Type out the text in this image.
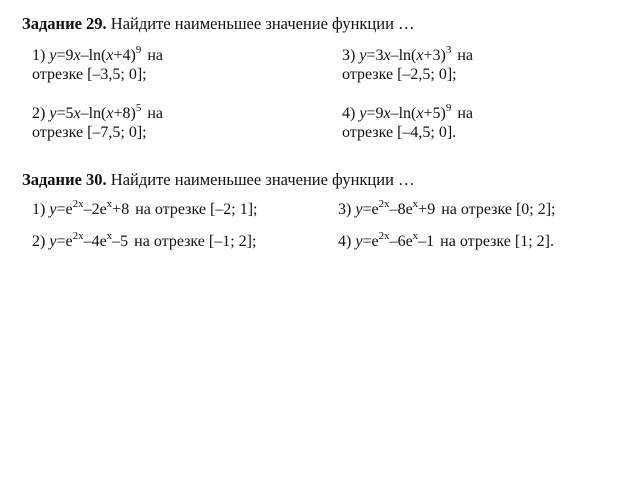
Задание 29. Найдите наименьшее значение функции …
1) $y=9x-\ln(x+4)^9$ на
отрезке [–3,5; 0];
3) $y=3x-\ln(x+3)^3$ на
отрезке [–2,5; 0];
2) $y=5x-\ln(x+8)^5$ на
отрезке [–7,5; 0];
4) $y=9x-\ln(x+5)^9$ на
отрезке [–4,5; 0].
Задание 30. Найдите наименьшее значение функции …
1) $y=e^{2x}-2e^x+8$ на отрезке [–2; 1];	3) $y=e^{2x}-8e^x+9$ на отрезке [0; 2];
2) $y=e^{2x}-4e^x-5$ на отрезке [–1; 2];	4) $y=e^{2x}-6e^x-1$ на отрезке [1; 2].
